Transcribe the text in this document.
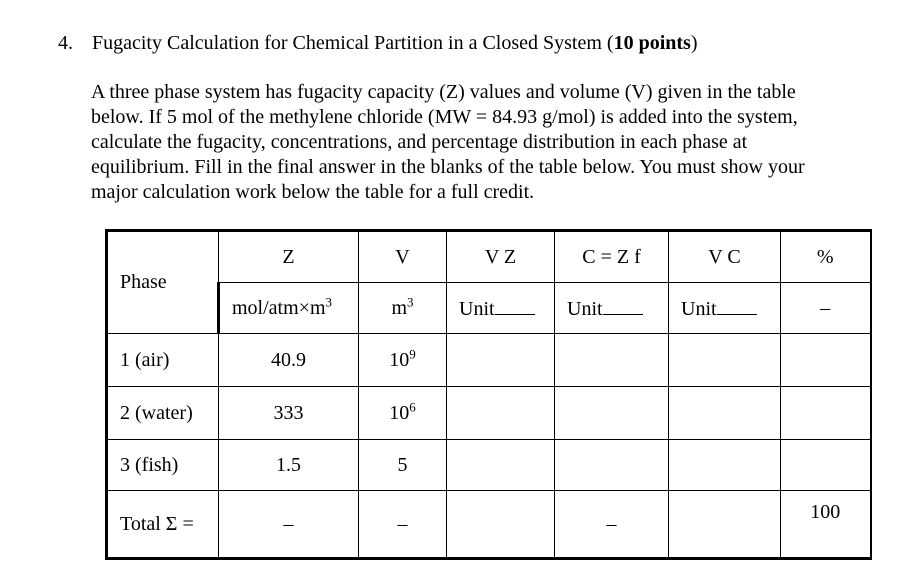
4. Fugacity Calculation for Chemical Partition in a Closed System (10 points)
A three phase system has fugacity capacity (Z) values and volume (V) given in the table
below. If 5 mol of the methylene chloride (MW = 84.93 g/mol) is added into the system,
calculate the fugacity, concentrations, and percentage distribution in each phase at
equilibrium. Fill in the final answer in the blanks of the table below. You must show your
major calculation work below the table for a full credit.
Phase	Z	V	V Z	C = Z f	V C	%
	mol/$atm\times m^3$	$m^3$	Unit	Unit	Unit	–
1 (air)	40.9	$10^9$				
2 (water)	333	$10^6$				
3 (fish)	1.5	5				
Total Σ =	–	–		–		100
